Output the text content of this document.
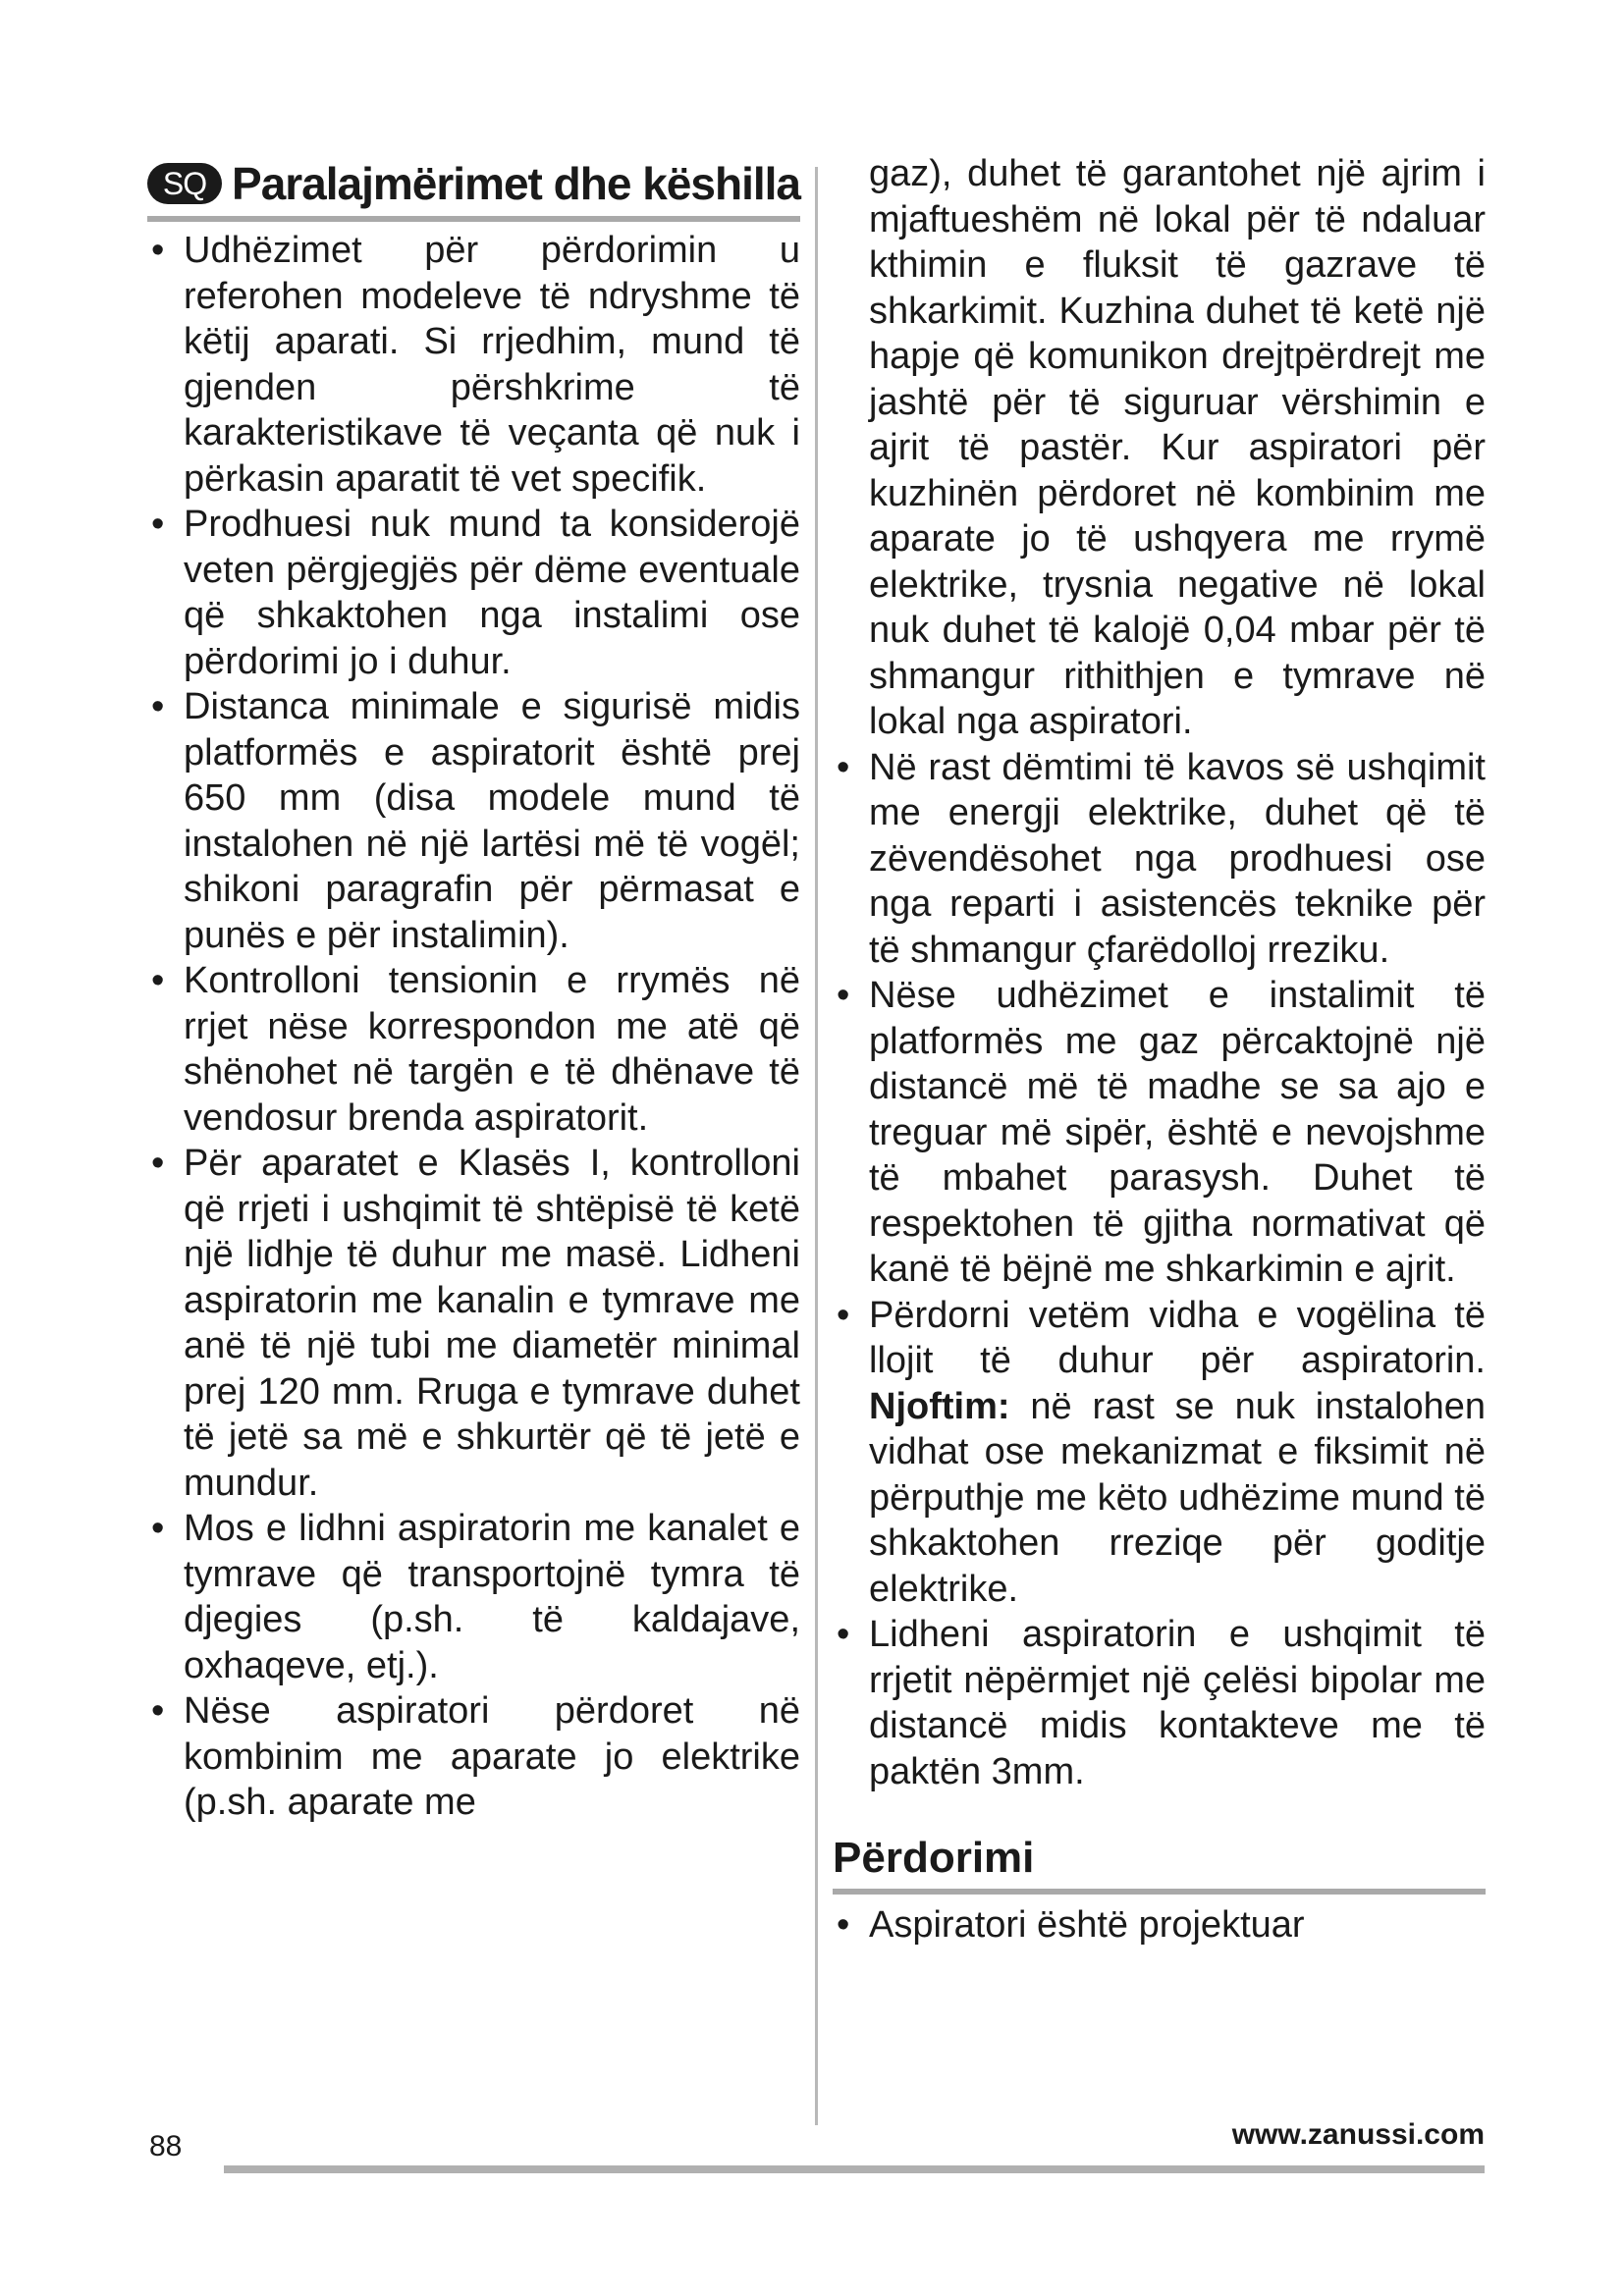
SQ Paralajmërimet dhe këshilla
• Udhëzimet për përdorimin u referohen modeleve të ndryshme të këtij aparati. Si rrjedhim, mund të gjenden përshkrime të karakteristikave të veçanta që nuk i përkasin aparatit të vet specifik.
• Prodhuesi nuk mund ta konsiderojë veten përgjegjës për dëme eventuale që shkaktohen nga instalimi ose përdorimi jo i duhur.
• Distanca minimale e sigurisë midis platformës e aspiratorit është prej 650 mm (disa modele mund të instalohen në një lartësi më të vogël; shikoni paragrafin për përmasat e punës e për instalimin).
• Kontrolloni tensionin e rrymës në rrjet nëse korrespondon me atë që shënohet në targën e të dhënave të vendosur brenda aspiratorit.
• Për aparatet e Klasës I, kontrolloni që rrjeti i ushqimit të shtëpisë të ketë një lidhje të duhur me masë. Lidheni aspiratorin me kanalin e tymrave me anë të një tubi me diametër minimal prej 120 mm. Rruga e tymrave duhet të jetë sa më e shkurtër që të jetë e mundur.
• Mos e lidhni aspiratorin me kanalet e tymrave që transportojnë tymra të djegies (p.sh. të kaldajave, oxhaqeve, etj.).
• Nëse aspiratori përdoret në kombinim me aparate jo elektrike (p.sh. aparate me
gaz), duhet të garantohet një ajrim i mjaftueshëm në lokal për të ndaluar kthimin e fluksit të gazrave të shkarkimit. Kuzhina duhet të ketë një hapje që komunikon drejtpërdrejt me jashtë për të siguruar vërshimin e ajrit të pastër. Kur aspiratori për kuzhinën përdoret në kombinim me aparate jo të ushqyera me rrymë elektrike, trysnia negative në lokal nuk duhet të kalojë 0,04 mbar për të shmangur rithithjen e tymrave në lokal nga aspiratori.
• Në rast dëmtimi të kavos së ushqimit me energji elektrike, duhet që të zëvendësohet nga prodhuesi ose nga reparti i asistencës teknike për të shmangur çfarëdolloj rreziku.
• Nëse udhëzimet e instalimit të platformës me gaz përcaktojnë një distancë më të madhe se sa ajo e treguar më sipër, është e nevojshme të mbahet parasysh. Duhet të respektohen të gjitha normativat që kanë të bëjnë me shkarkimin e ajrit.
• Përdorni vetëm vidha e vogëlina të llojit të duhur për aspiratorin. Njoftim: në rast se nuk instalohen vidhat ose mekanizmat e fiksimit në përputhje me këto udhëzime mund të shkaktohen rreziqe për goditje elektrike.
• Lidheni aspiratorin e ushqimit të rrjetit nëpërmjet një çelësi bipolar me distancë midis kontakteve me të paktën 3mm.
Përdorimi
• Aspiratori është projektuar
88	www.zanussi.com
